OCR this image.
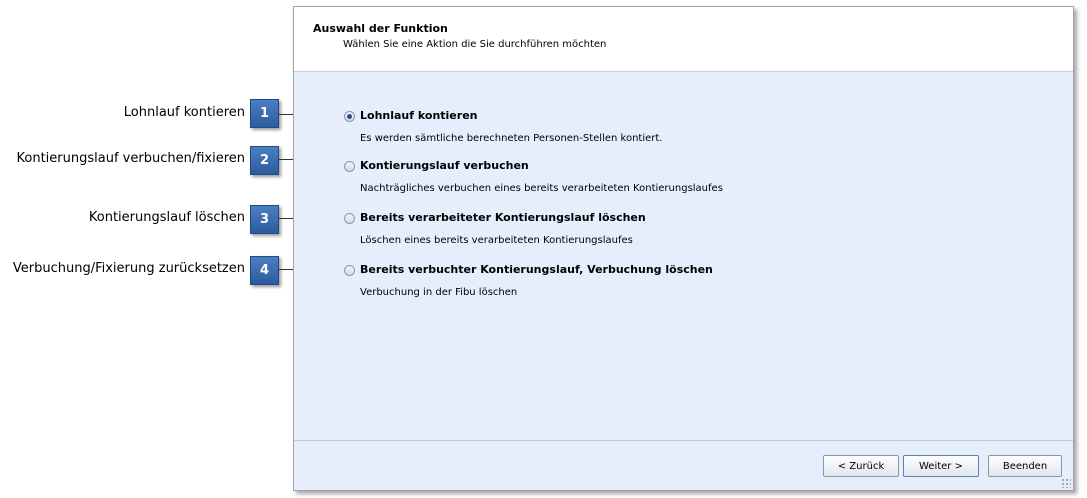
Lohnlauf kontieren	1
Kontierungslauf verbuchen/fixieren	2
Kontierungslauf löschen	3
Verbuchung/Fixierung zurücksetzen	4
Auswahl der Funktion
Wählen Sie eine Aktion die Sie durchführen möchten
Lohnlauf kontieren
Es werden sämtliche berechneten Personen-Stellen kontiert.
Kontierungslauf verbuchen
Nachträgliches verbuchen eines bereits verarbeiteten Kontierungslaufes
Bereits verarbeiteter Kontierungslauf löschen
Löschen eines bereits verarbeiteten Kontierungslaufes
Bereits verbuchter Kontierungslauf, Verbuchung löschen
Verbuchung in der Fibu löschen
< Zurück	Weiter >	Beenden
